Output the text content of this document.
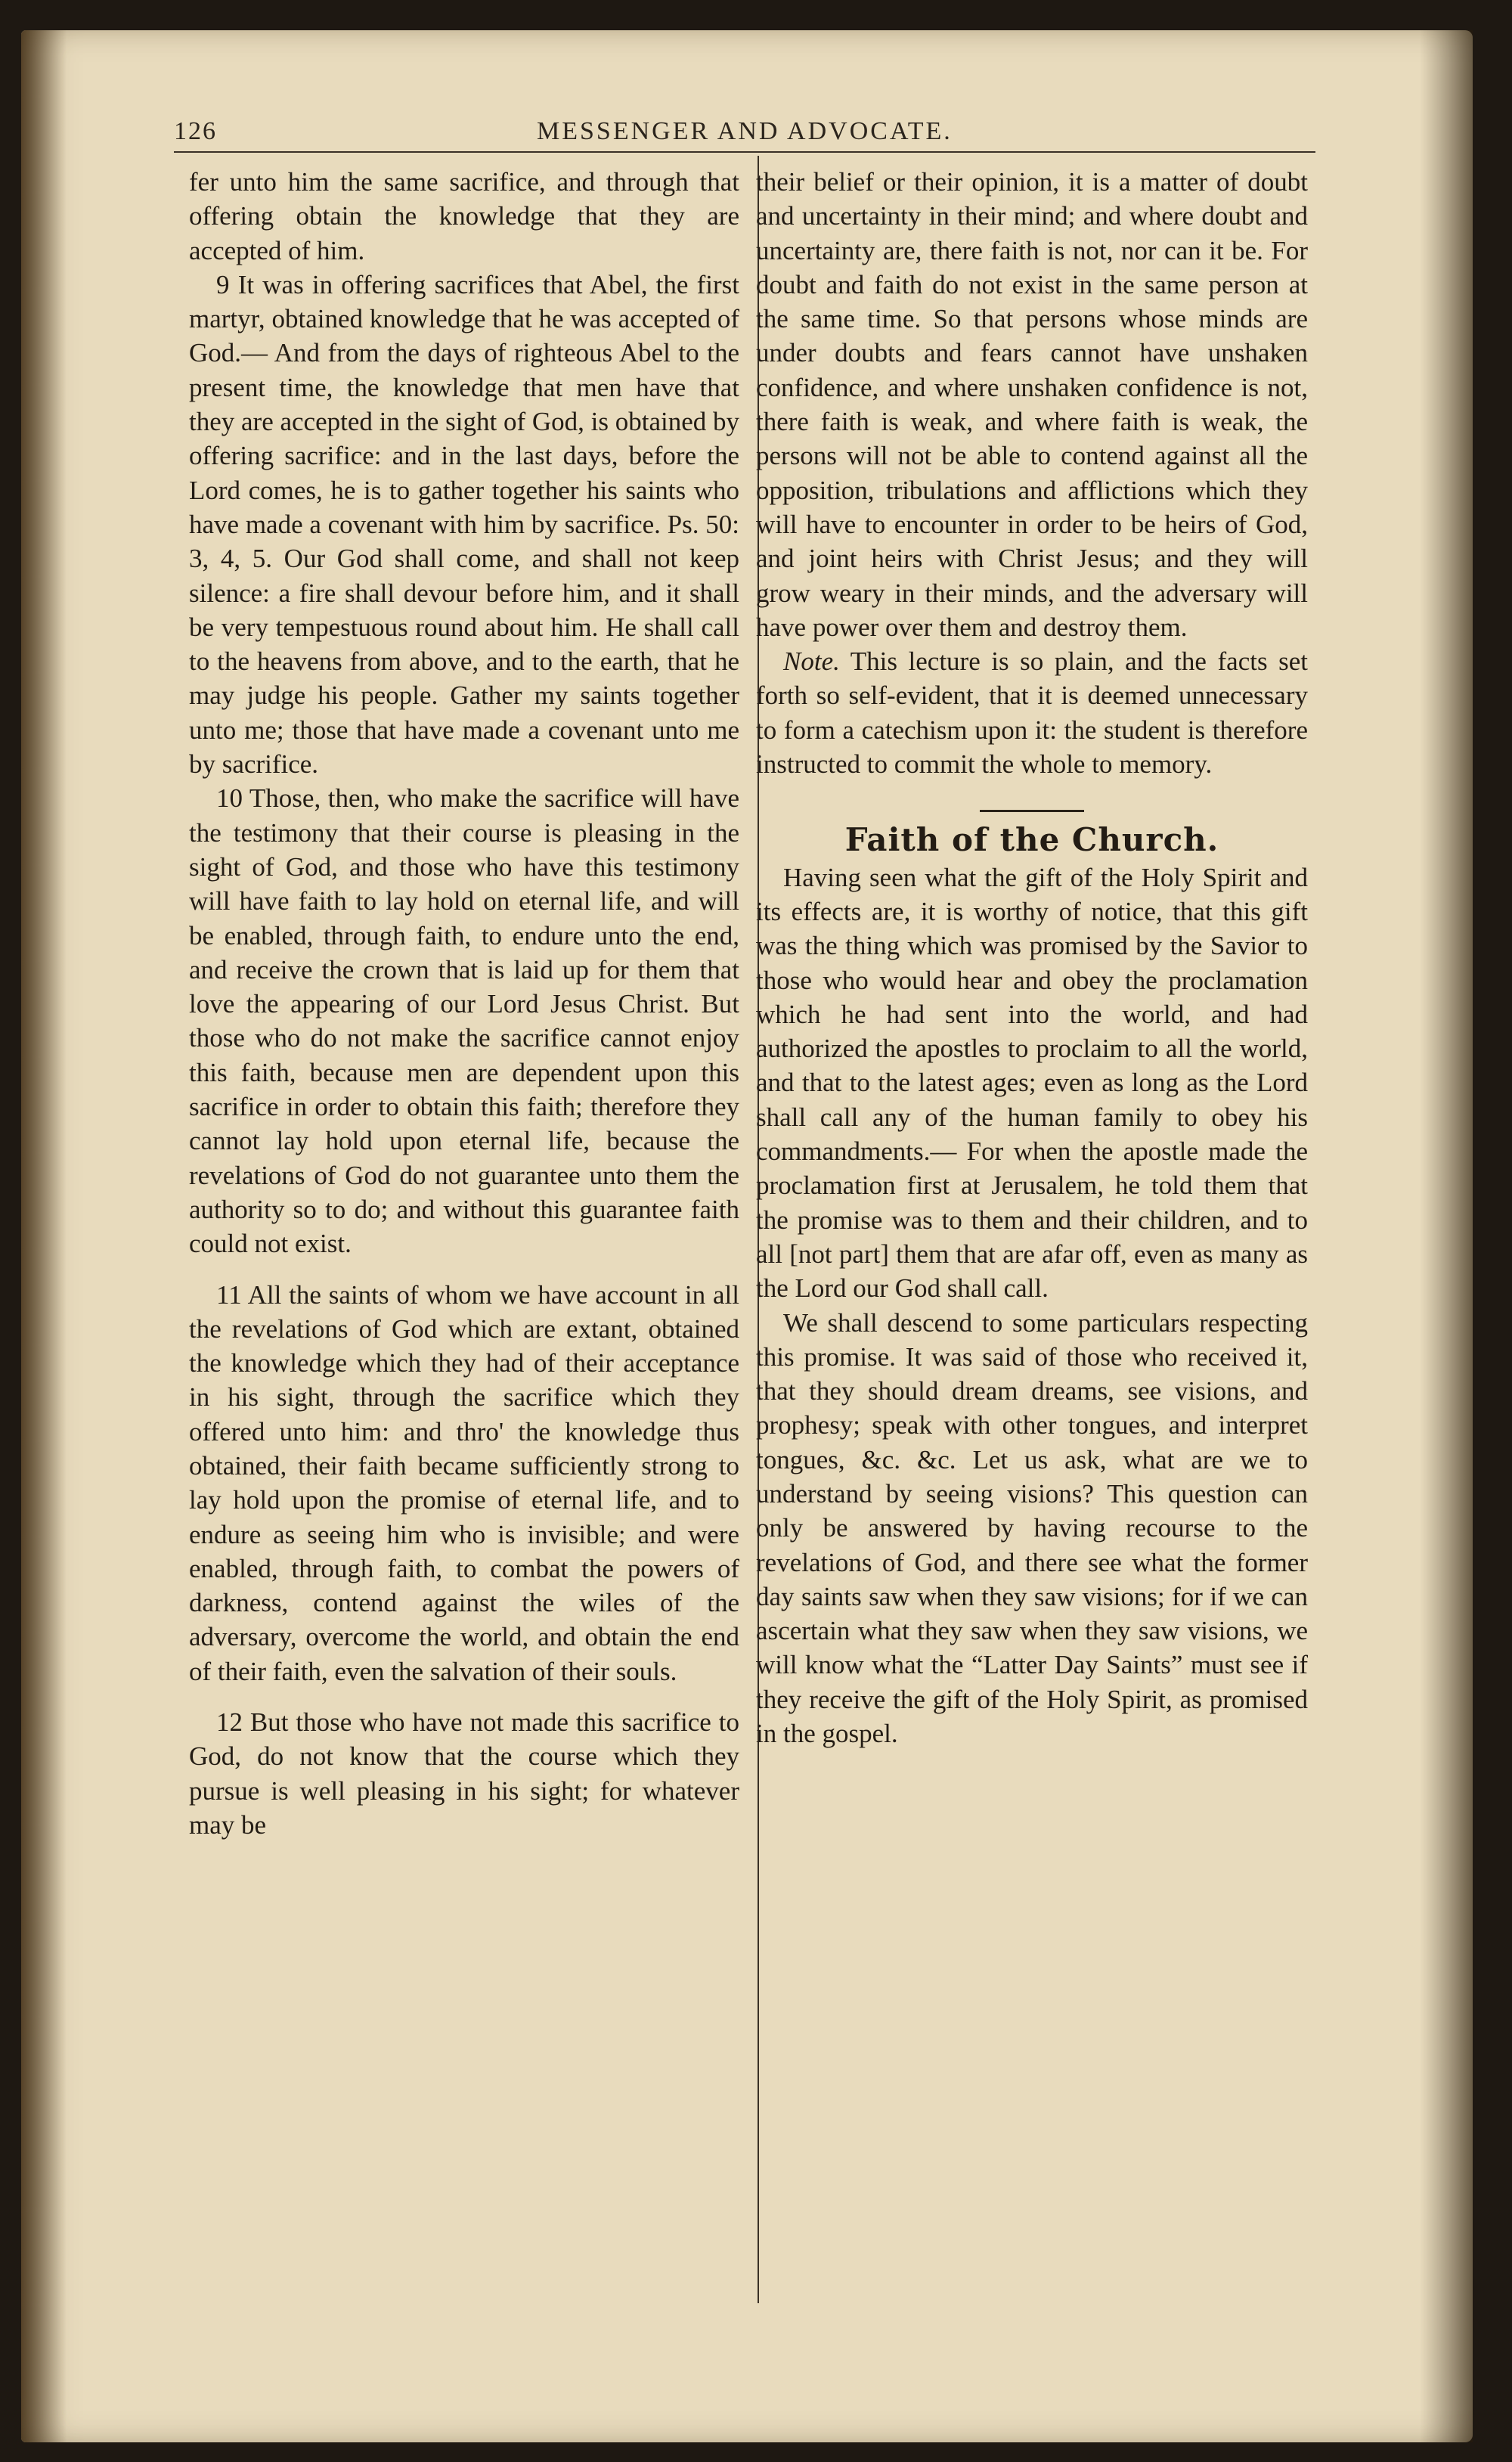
126	MESSENGER AND ADVOCATE.

fer unto him the same sacrifice, and through that offering obtain the knowledge that they are accepted of him.

9 It was in offering sacrifices that Abel, the first martyr, obtained knowledge that he was accepted of God.— And from the days of righteous Abel to the present time, the knowledge that men have that they are accepted in the sight of God, is obtained by offering sacrifice: and in the last days, before the Lord comes, he is to gather together his saints who have made a covenant with him by sacrifice. Ps. 50: 3, 4, 5. Our God shall come, and shall not keep silence: a fire shall devour before him, and it shall be very tempestuous round about him. He shall call to the heavens from above, and to the earth, that he may judge his people. Gather my saints together unto me; those that have made a covenant unto me by sacrifice.

10 Those, then, who make the sacrifice will have the testimony that their course is pleasing in the sight of God, and those who have this testimony will have faith to lay hold on eternal life, and will be enabled, through faith, to endure unto the end, and receive the crown that is laid up for them that love the appearing of our Lord Jesus Christ. But those who do not make the sacrifice cannot enjoy this faith, because men are dependent upon this sacrifice in order to obtain this faith; therefore they cannot lay hold upon eternal life, because the revelations of God do not guarantee unto them the authority so to do; and without this guarantee faith could not exist.

11 All the saints of whom we have account in all the revelations of God which are extant, obtained the knowledge which they had of their acceptance in his sight, through the sacrifice which they offered unto him: and thro' the knowledge thus obtained, their faith became sufficiently strong to lay hold upon the promise of eternal life, and to endure as seeing him who is invisible; and were enabled, through faith, to combat the powers of darkness, contend against the wiles of the adversary, overcome the world, and obtain the end of their faith, even the salvation of their souls.

12 But those who have not made this sacrifice to God, do not know that the course which they pursue is well pleasing in his sight; for whatever may be

their belief or their opinion, it is a matter of doubt and uncertainty in their mind; and where doubt and uncertainty are, there faith is not, nor can it be. For doubt and faith do not exist in the same person at the same time. So that persons whose minds are under doubts and fears cannot have unshaken confidence, and where unshaken confidence is not, there faith is weak, and where faith is weak, the persons will not be able to contend against all the opposition, tribulations and afflictions which they will have to encounter in order to be heirs of God, and joint heirs with Christ Jesus; and they will grow weary in their minds, and the adversary will have power over them and destroy them.

Note. This lecture is so plain, and the facts set forth so self-evident, that it is deemed unnecessary to form a catechism upon it: the student is therefore instructed to commit the whole to memory.

Faith of the Church.

Having seen what the gift of the Holy Spirit and its effects are, it is worthy of notice, that this gift was the thing which was promised by the Savior to those who would hear and obey the proclamation which he had sent into the world, and had authorized the apostles to proclaim to all the world, and that to the latest ages; even as long as the Lord shall call any of the human family to obey his commandments.— For when the apostle made the proclamation first at Jerusalem, he told them that the promise was to them and their children, and to all [not part] them that are afar off, even as many as the Lord our God shall call.

We shall descend to some particulars respecting this promise. It was said of those who received it, that they should dream dreams, see visions, and prophesy; speak with other tongues, and interpret tongues, &c. &c. Let us ask, what are we to understand by seeing visions? This question can only be answered by having recourse to the revelations of God, and there see what the former day saints saw when they saw visions; for if we can ascertain what they saw when they saw visions, we will know what the “Latter Day Saints” must see if they receive the gift of the Holy Spirit, as promised in the gospel.
